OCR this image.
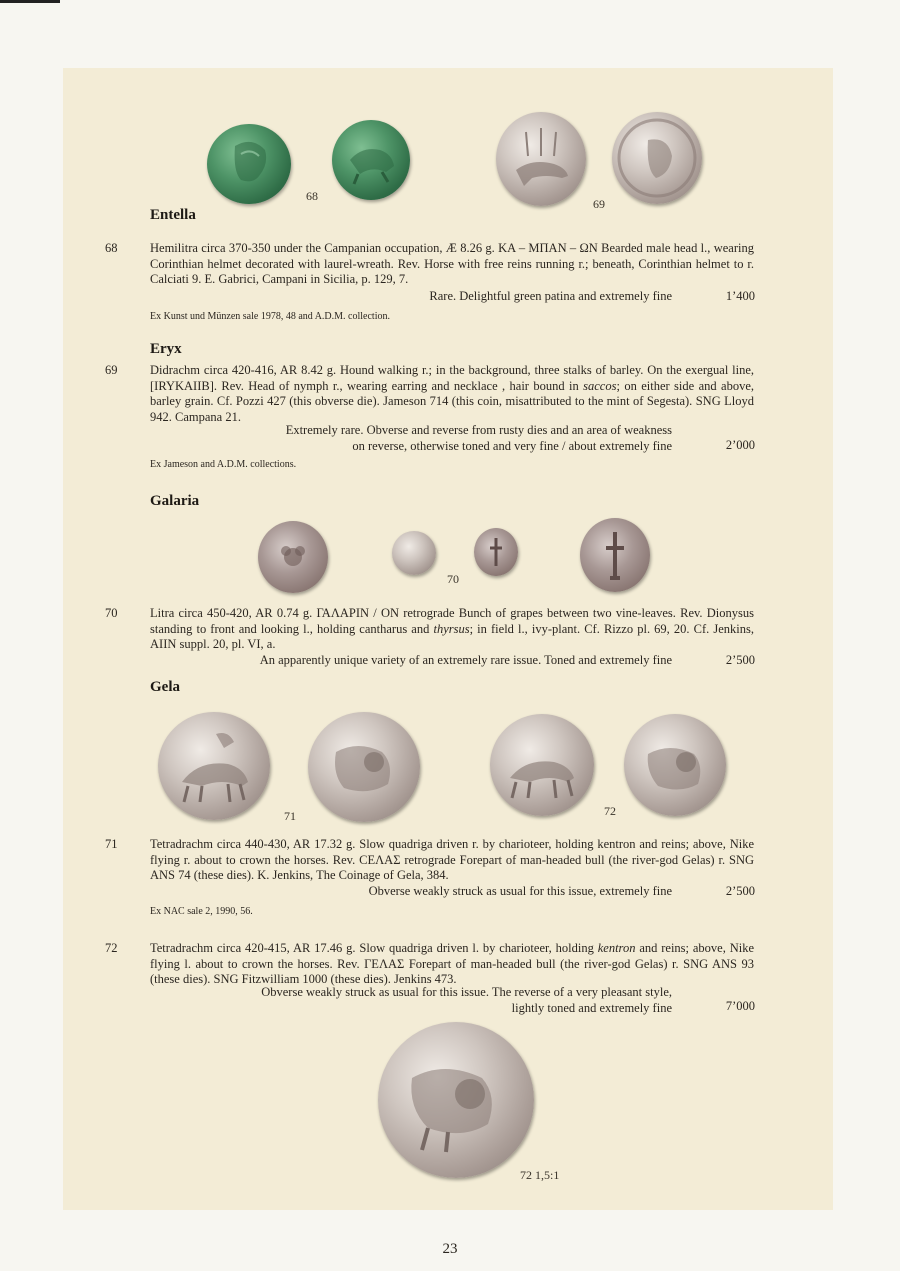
68
69
Entella
68	Hemilitra circa 370-350 under the Campanian occupation, Æ 8.26 g. KA – ΜΠΑΝ – ΩΝ Bearded male head l., wearing Corinthian helmet decorated with laurel-wreath. Rev. Horse with free reins running r.; beneath, Corinthian helmet to r. Calciati 9. E. Gabrici, Campani in Sicilia, p. 129, 7.

Rare. Delightful green patina and extremely fine	1’400
Ex Kunst und Münzen sale 1978, 48 and A.D.M. collection.
Eryx
69	Didrachm circa 420-416, AR 8.42 g. Hound walking r.; in the background, three stalks of barley. On the exergual line, [IRYKAIIB]. Rev. Head of nymph r., wearing earring and necklace , hair bound in saccos; on either side and above, barley grain. Cf. Pozzi 427 (this obverse die). Jameson 714 (this coin, misattributed to the mint of Segesta). SNG Lloyd 942. Campana 21.

Extremely rare. Obverse and reverse from rusty dies and an area of weakness

on reverse, otherwise toned and very fine / about extremely fine	2’000
Ex Jameson and A.D.M. collections.
Galaria
70
70	Litra circa 450-420, AR 0.74 g. ΓΑΛΑΡΙΝ / ΟΝ retrograde Bunch of grapes between two vine-leaves. Rev. Dionysus standing to front and looking l., holding cantharus and thyrsus; in field l., ivy-plant. Cf. Rizzo pl. 69, 20. Cf. Jenkins, AIIN suppl. 20, pl. VI, a.

An apparently unique variety of an extremely rare issue. Toned and extremely fine	2’500
Gela
71	72
71	Tetradrachm circa 440-430, AR 17.32 g. Slow quadriga driven r. by charioteer, holding kentron and reins; above, Nike flying r. about to crown the horses. Rev. CΕΛΑΣ retrograde Forepart of man-headed bull (the river-god Gelas) r. SNG ANS 74 (these dies). K. Jenkins, The Coinage of Gela, 384.

Obverse weakly struck as usual for this issue, extremely fine	2’500
Ex NAC sale 2, 1990, 56.
72	Tetradrachm circa 420-415, AR 17.46 g. Slow quadriga driven l. by charioteer, holding kentron and reins; above, Nike flying l. about to crown the horses. Rev. ΓΕΛΑΣ Forepart of man-headed bull (the river-god Gelas) r. SNG ANS 93 (these dies). SNG Fitzwilliam 1000 (these dies). Jenkins 473.

Obverse weakly struck as usual for this issue. The reverse of a very pleasant style,

lightly toned and extremely fine	7’000
72 1,5:1
23
